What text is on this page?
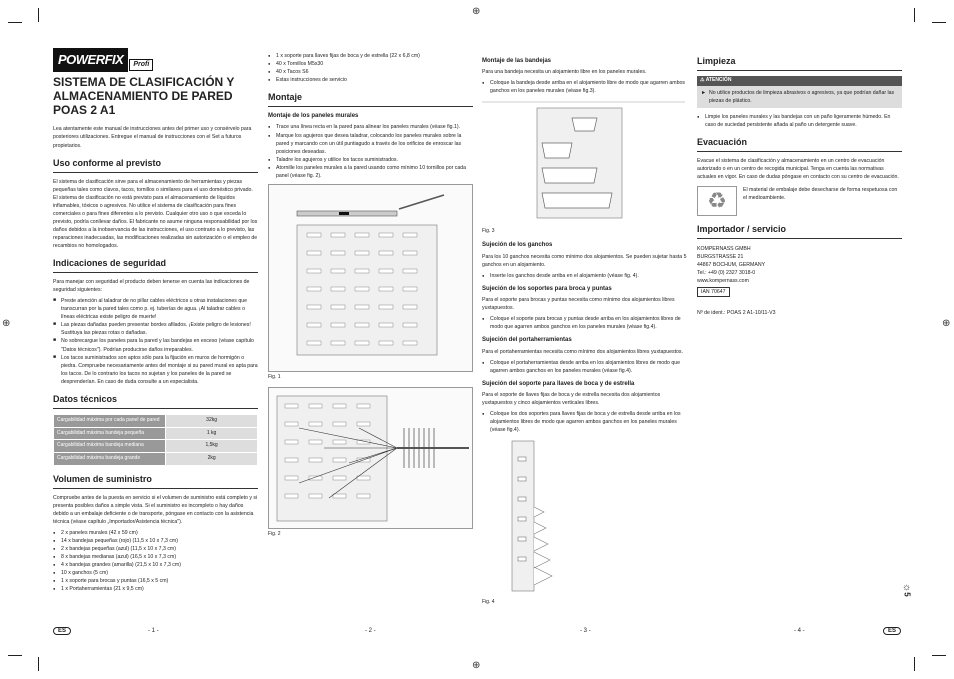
⊕
⊕
⊕	⊕
POWERFIX	Profi
SISTEMA DE CLASIFICACIÓN Y ALMACENAMIENTO DE PARED POAS 2 A1

Lea atentamente este manual de instrucciones antes del primer uso y consérvelo para posteriores utilizaciones. Entregue el manual de instrucciones con el Set a futuros propietarios.

Uso conforme al previsto

El sistema de clasificación sirve para el almacenamiento de herramientas y piezas pequeñas tales como clavos, tacos, tornillos o similares para el uso doméstico privado. El sistema de clasificación no está previsto para el almacenamiento de líquidos inflamables, tóxicos o agresivos. No utilice el sistema de clasificación para fines comerciales o para fines diferentes a lo previsto. Cualquier otro uso o que exceda lo previsto, podría conllevar daños. El fabricante no asume ninguna responsabilidad por los daños debidos a la inobservancia de las instrucciones, el uso contrario a lo previsto, las reparaciones inadecuadas, las modificaciones realizadas sin autorización o el empleo de recambios no homologados.

Indicaciones de seguridad

Para manejar con seguridad el producto deben tenerse en cuenta las indicaciones de seguridad siguientes:

■ Preste atención al taladrar de no pillar cables eléctricos u otras instalaciones que transcurran por la pared tales como p. ej. tuberías de agua. ¡Al taladrar cables o líneas eléctricas existe peligro de muerte!
■ Las piezas dañadas pueden presentar bordes afilados. ¡Existe peligro de lesiones! Sustituya las piezas rotas o dañadas.
■ No sobrecargue los paneles para la pared y las bandejas en exceso (véase capítulo "Datos técnicos"). Podrían producirse daños irreparables.
■ Los tacos suministrados son aptos sólo para la fijación en muros de hormigón o piedra. Compruebe necesariamente antes del montaje si su pared mural es apta para los tacos. De lo contrario los tacos no sujetan y los paneles de la pared se desprenderían. En caso de duda consulte a un especialista.
Datos técnicos
Cargabilidad máxima por cada panel de pared	32kg
Cargabilidad máxima bandeja pequeña	1 kg
Cargabilidad máxima bandeja mediana	1,5kg
Cargabilidad máxima bandeja grande	2kg
Volumen de suministro

Compruebe antes de la puesta en servicio si el volumen de suministro está completo y si presenta posibles daños a simple vista. Si el suministro es incompleto o hay daños debido a un embalaje deficiente o de transporte, póngase en contacto con la asistencia técnica (véase capítulo „Importador/Asistencia técnica").

● 2 x paneles murales (42 x 59 cm)
● 14 x bandejas pequeñas (rojo) (11,5 x 10 x 7,3 cm)
● 2 x bandejas pequeñas (azul) (11,5 x 10 x 7,3 cm)
● 8 x bandejas medianas (azul) (16,5 x 10 x 7,3 cm)
● 4 x bandejas grandes (amarilla) (21,5 x 10 x 7,3 cm)
● 10 x ganchos (5 cm)
● 1 x soporte para brocas y puntas (16,5 x 5 cm)
● 1 x Portaherramientas (21 x 9,5 cm)
● 1 x soporte para llaves fijas de boca y de estrella (22 x 6,8 cm)
● 40 x Tornillos M5x30
● 40 x Tacos S6
● Estas instrucciones de servicio
Montaje
Montaje de los paneles murales
● Trace una línea recta en la pared para alinear los paneles murales (véase fig.1).
● Marque los agujeros que desea taladrar, colocando los paneles murales sobre la pared y marcando con un útil puntiagudo a través de los orificios de enroscar las posiciones deseadas.
● Taladre los agujeros y utilice los tacos suministrados.
● Atornille los paneles murales a la pared usando como mínimo 10 tornillos por cada panel (véase fig. 2).
Fig. 1
Fig. 2
Montaje de las bandejas

Para una bandeja necesita un alojamiento libre en los paneles murales.

● Coloque la bandeja desde arriba en el alojamiento libre de modo que agarren ambos ganchos en los paneles murales (véase fig.3).
Fig. 3
Sujeción de los ganchos

Para los 10 ganchos necesita como mínimo dos alojamientos. Se pueden sujetar hasta 5 ganchos en un alojamiento.

● Inserte los ganchos desde arriba en el alojamiento (véase fig. 4).
Sujeción de los soportes para broca y puntas

Para el soporte para brocas y puntas necesita como mínimo dos alojamientos libres yuxtapuestos.

● Coloque el soporte para brocas y puntas desde arriba en los alojamientos libres de modo que agarren ambos ganchos en los paneles murales (véase fig.4).
Sujeción del portaherramientas

Para el portaherramientas necesita como mínimo dos alojamientos libres yuxtapuestos.

● Coloque el portaherramientas desde arriba en los alojamientos libres de modo que agarren ambos ganchos en los paneles murales (véase fig.4).
Sujeción del soporte para llaves de boca y de estrella

Para el soporte de llaves fijas de boca y de estrella necesita dos alojamientos yuxtapuestos y cinco alojamientos verticales libres.

● Coloque los dos soportes para llaves fijas de boca y de estrella desde arriba en los alojamientos libres de modo que agarren ambos ganchos en los paneles murales (véase fig.4).
Fig. 4
Limpieza
⚠ ATENCIÓN
► No utilice productos de limpieza abrasivos o agresivos, ya que podrían dañar las piezas de plástico.
● Limpie los paneles murales y las bandejas con un paño ligeramente húmedo. En caso de suciedad persistente añada al paño un detergente suave.
Evacuación

Evacue el sistema de clasificación y almacenamiento en un centro de evacuación autorizado o en un centro de recogida municipal. Tenga en cuenta las normativas actuales en vigor. En caso de dudas póngase en contacto con su centro de evacuación.

♻	El material de embalaje debe desecharse de forma respetuosa con el medioambiente.

Importador / servicio

KOMPERNASS GMBH

BURGSTRASSE 21

44867 BOCHUM, GERMANY

Tel.: +49 (0) 2327 3018-0

www.kompernass.com

IAN 70647

Nº de ident.: POAS 2 A1-10/11-V3

ES	- 1 -	- 2 -	- 3 -	- 4 -	ES
☼
5
